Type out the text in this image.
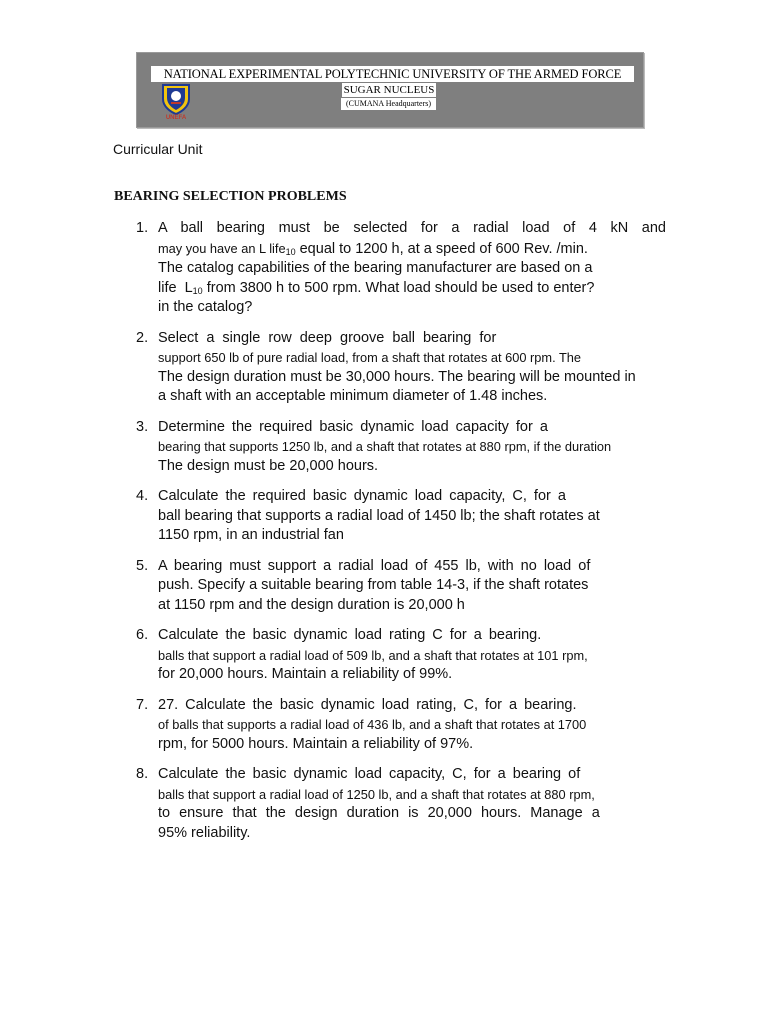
NATIONAL EXPERIMENTAL POLYTECHNIC UNIVERSITY OF THE ARMED FORCE
SUGAR NUCLEUS
(CUMANA Headquarters)
UNEFA
Curricular Unit
BEARING SELECTION PROBLEMS
1. A ball bearing must be selected for a radial load of 4 kN and
may you have an L life$_{10}$ equal to 1200 h, at a speed of 600 Rev. /min.
The catalog capabilities of the bearing manufacturer are based on a
life  $L_{10}$ from 3800 h to 500 rpm. What load should be used to enter?
in the catalog?
2. Select a single row deep groove ball bearing for
support 650 lb of pure radial load, from a shaft that rotates at 600 rpm. The
The design duration must be 30,000 hours. The bearing will be mounted in
a shaft with an acceptable minimum diameter of 1.48 inches.
3. Determine the required basic dynamic load capacity for a
bearing that supports 1250 lb, and a shaft that rotates at 880 rpm, if the duration
The design must be 20,000 hours.
4. Calculate the required basic dynamic load capacity, C, for a
ball bearing that supports a radial load of 1450 lb; the shaft rotates at
1150 rpm, in an industrial fan
5. A bearing must support a radial load of 455 lb, with no load of
push. Specify a suitable bearing from table 14-3, if the shaft rotates
at 1150 rpm and the design duration is 20,000 h
6. Calculate the basic dynamic load rating C for a bearing.
balls that support a radial load of 509 lb, and a shaft that rotates at 101 rpm,
for 20,000 hours. Maintain a reliability of 99%.
7. 27. Calculate the basic dynamic load rating, C, for a bearing.
of balls that supports a radial load of 436 lb, and a shaft that rotates at 1700
rpm, for 5000 hours. Maintain a reliability of 97%.
8. Calculate the basic dynamic load capacity, C, for a bearing of
balls that support a radial load of 1250 lb, and a shaft that rotates at 880 rpm,
to ensure that the design duration is 20,000 hours. Manage a
95% reliability.
